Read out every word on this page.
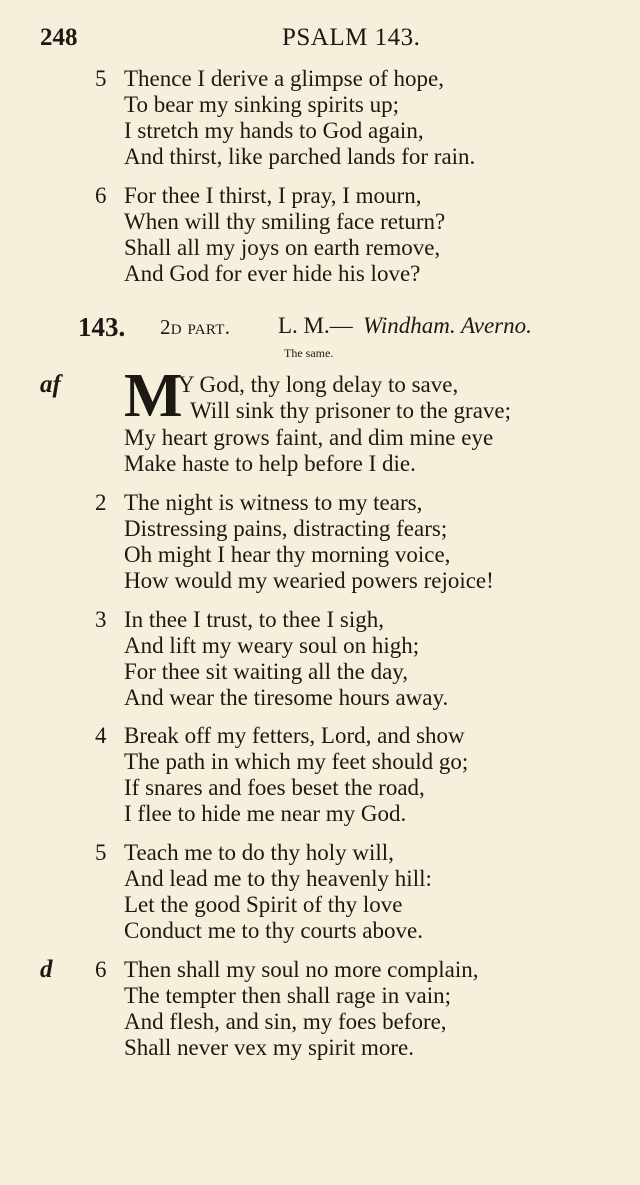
248	PSALM 143.
5 Thence I derive a glimpse of hope,
To bear my sinking spirits up;
I stretch my hands to God again,
And thirst, like parched lands for rain.
6 For thee I thirst, I pray, I mourn,
When will thy smiling face return?
Shall all my joys on earth remove,
And God for ever hide his love?
143. 2d part. L. M.— Windham. Averno.
The same.
af M
Y God, thy long delay to save,
Will sink thy prisoner to the grave;
My heart grows faint, and dim mine eye
Make haste to help before I die.
2 The night is witness to my tears,
Distressing pains, distracting fears;
Oh might I hear thy morning voice,
How would my wearied powers rejoice!
3 In thee I trust, to thee I sigh,
And lift my weary soul on high;
For thee sit waiting all the day,
And wear the tiresome hours away.
4 Break off my fetters, Lord, and show
The path in which my feet should go;
If snares and foes beset the road,
I flee to hide me near my God.
5 Teach me to do thy holy will,
And lead me to thy heavenly hill:
Let the good Spirit of thy love
Conduct me to thy courts above.
d 6 Then shall my soul no more complain,
The tempter then shall rage in vain;
And flesh, and sin, my foes before,
Shall never vex my spirit more.
